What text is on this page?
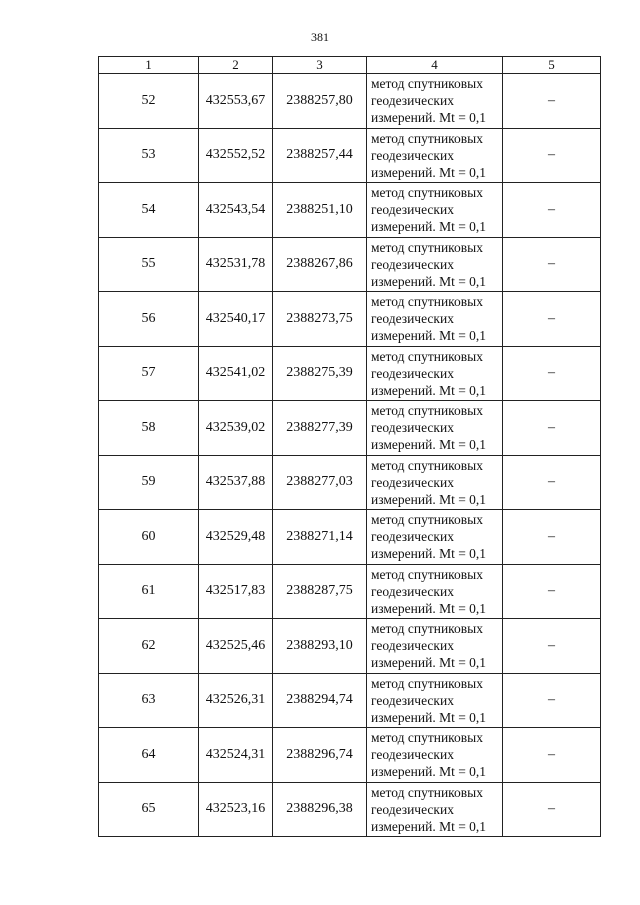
381
1	2	3	4	5
52	432553,67	2388257,80	метод спутниковых
геодезических
измерений. Mt = 0,1	–
53	432552,52	2388257,44	метод спутниковых
геодезических
измерений. Mt = 0,1	–
54	432543,54	2388251,10	метод спутниковых
геодезических
измерений. Mt = 0,1	–
55	432531,78	2388267,86	метод спутниковых
геодезических
измерений. Mt = 0,1	–
56	432540,17	2388273,75	метод спутниковых
геодезических
измерений. Mt = 0,1	–
57	432541,02	2388275,39	метод спутниковых
геодезических
измерений. Mt = 0,1	–
58	432539,02	2388277,39	метод спутниковых
геодезических
измерений. Mt = 0,1	–
59	432537,88	2388277,03	метод спутниковых
геодезических
измерений. Mt = 0,1	–
60	432529,48	2388271,14	метод спутниковых
геодезических
измерений. Mt = 0,1	–
61	432517,83	2388287,75	метод спутниковых
геодезических
измерений. Mt = 0,1	–
62	432525,46	2388293,10	метод спутниковых
геодезических
измерений. Mt = 0,1	–
63	432526,31	2388294,74	метод спутниковых
геодезических
измерений. Mt = 0,1	–
64	432524,31	2388296,74	метод спутниковых
геодезических
измерений. Mt = 0,1	–
65	432523,16	2388296,38	метод спутниковых
геодезических
измерений. Mt = 0,1	–
